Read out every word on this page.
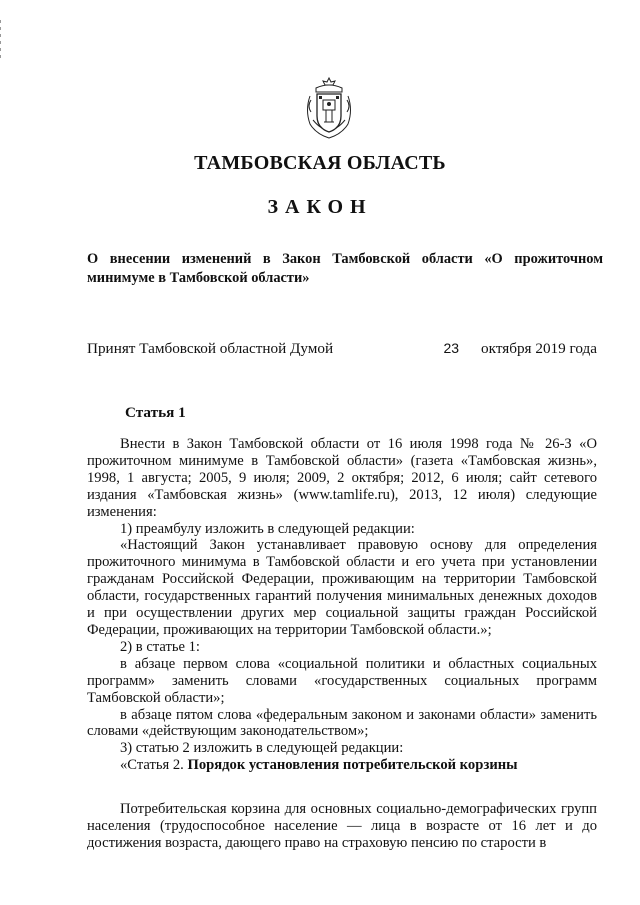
ТАМБОВСКАЯ ОБЛАСТЬ
ЗАКОН
О внесении изменений в Закон Тамбовской области «О прожиточном минимуме в Тамбовской области»
Принят Тамбовской областной Думой	23 октября 2019 года
Статья 1

Внести в Закон Тамбовской области от 16 июля 1998 года № 26-З «О прожиточном минимуме в Тамбовской области» (газета «Тамбовская жизнь», 1998, 1 августа; 2005, 9 июля; 2009, 2 октября; 2012, 6 июля; сайт сетевого издания «Тамбовская жизнь» (www.tamlife.ru), 2013, 12 июля) следующие изменения:

1) преамбулу изложить в следующей редакции:

«Настоящий Закон устанавливает правовую основу для определения прожиточного минимума в Тамбовской области и его учета при установлении гражданам Российской Федерации, проживающим на территории Тамбовской области, государственных гарантий получения минимальных денежных доходов и при осуществлении других мер социальной защиты граждан Российской Федерации, проживающих на территории Тамбовской области.»;

2) в статье 1:

в абзаце первом слова «социальной политики и областных социальных программ» заменить словами «государственных социальных программ Тамбовской области»;

в абзаце пятом слова «федеральным законом и законами области» заменить словами «действующим законодательством»;

3) статью 2 изложить в следующей редакции:

«Статья 2. Порядок установления потребительской корзины

Потребительская корзина для основных социально-демографических групп населения (трудоспособное население — лица в возрасте от 16 лет и до достижения возраста, дающего право на страховую пенсию по старости в
